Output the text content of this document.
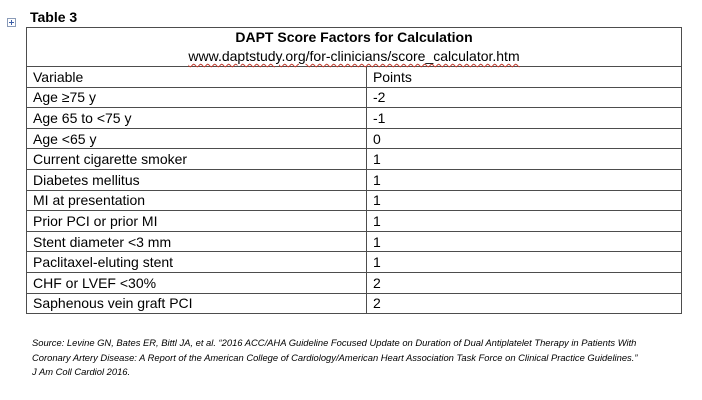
Table 3
DAPT Score Factors for Calculation
www.daptstudy.org/for-clinicians/score_calculator.htm	

Variable	Points
Age ≥75 y	-2
Age 65 to <75 y	-1
Age <65 y	0
Current cigarette smoker	1
Diabetes mellitus	1
MI at presentation	1
Prior PCI or prior MI	1
Stent diameter <3 mm	1
Paclitaxel-eluting stent	1
CHF or LVEF <30%	2
Saphenous vein graft PCI	2
Source: Levine GN, Bates ER, Bittl JA, et al. “2016 ACC/AHA Guideline Focused Update on Duration of Dual Antiplatelet Therapy in Patients With
Coronary Artery Disease: A Report of the American College of Cardiology/American Heart Association Task Force on Clinical Practice Guidelines.”
J Am Coll Cardiol 2016.
